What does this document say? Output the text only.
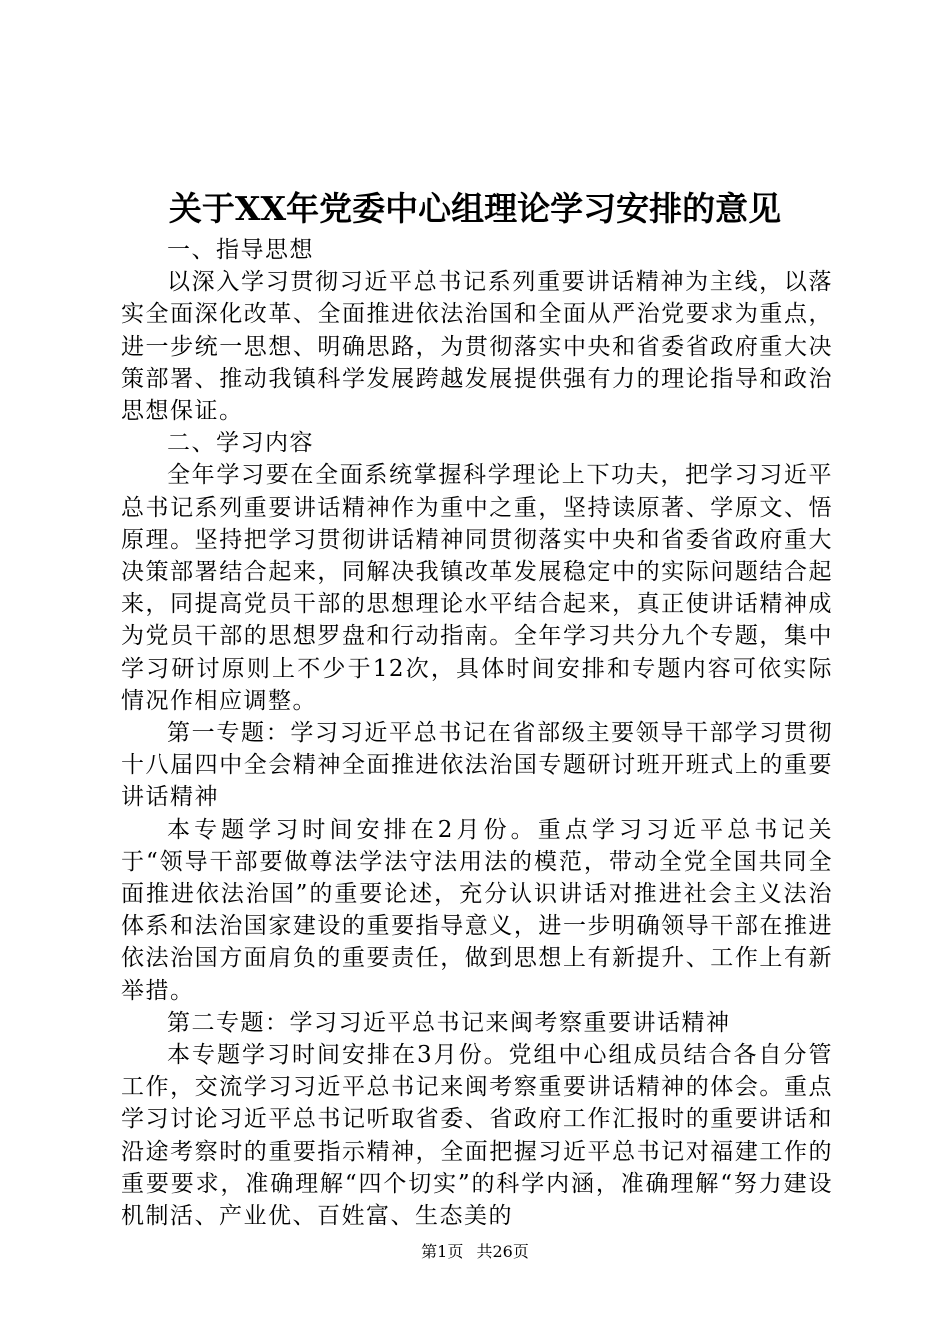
关于XX年党委中心组理论学习安排的意见

一、指导思想

以深入学习贯彻习近平总书记系列重要讲话精神为主线，以落实全面深化改革、全面推进依法治国和全面从严治党要求为重点，进一步统一思想、明确思路，为贯彻落实中央和省委省政府重大决策部署、推动我镇科学发展跨越发展提供强有力的理论指导和政治思想保证。

二、学习内容

全年学习要在全面系统掌握科学理论上下功夫，把学习习近平总书记系列重要讲话精神作为重中之重，坚持读原著、学原文、悟原理。坚持把学习贯彻讲话精神同贯彻落实中央和省委省政府重大决策部署结合起来，同解决我镇改革发展稳定中的实际问题结合起来，同提高党员干部的思想理论水平结合起来，真正使讲话精神成为党员干部的思想罗盘和行动指南。全年学习共分九个专题，集中学习研讨原则上不少于12次，具体时间安排和专题内容可依实际情况作相应调整。

第一专题：学习习近平总书记在省部级主要领导干部学习贯彻十八届四中全会精神全面推进依法治国专题研讨班开班式上的重要讲话精神

本专题学习时间安排在2月份。重点学习习近平总书记关于“领导干部要做尊法学法守法用法的模范，带动全党全国共同全面推进依法治国”的重要论述，充分认识讲话对推进社会主义法治体系和法治国家建设的重要指导意义，进一步明确领导干部在推进依法治国方面肩负的重要责任，做到思想上有新提升、工作上有新举措。

第二专题：学习习近平总书记来闽考察重要讲话精神

本专题学习时间安排在3月份。党组中心组成员结合各自分管工作，交流学习习近平总书记来闽考察重要讲话精神的体会。重点学习讨论习近平总书记听取省委、省政府工作汇报时的重要讲话和沿途考察时的重要指示精神，全面把握习近平总书记对福建工作的重要要求，准确理解“四个切实”的科学内涵，准确理解“努力建设机制活、产业优、百姓富、生态美的

第1页 共26页
